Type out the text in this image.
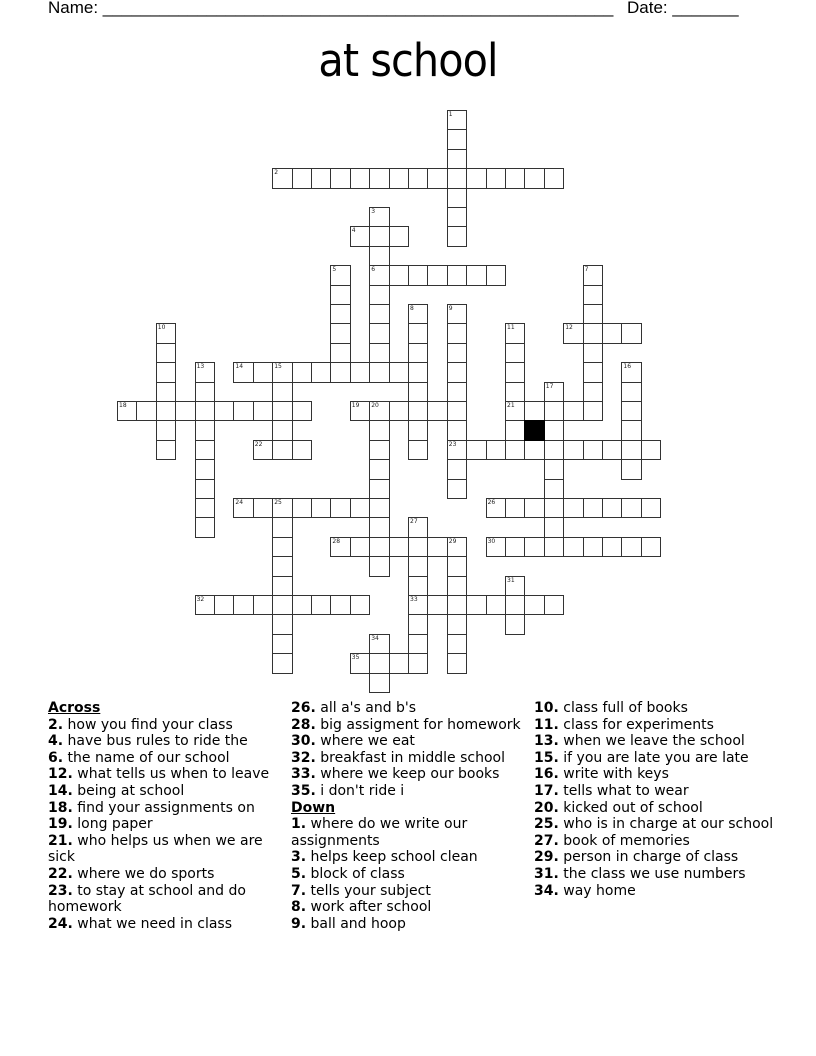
Name: ______________________________________________________ Date: _______
at school
1
2
3
6
4
5	7
8	9
23
10	11
21
12
13	14	15	16
17
18	19 20
22
24	25	26
27
33
28	29	30
31
32
34
35
Across
2. how you find your class
4. have bus rules to ride the
6. the name of our school
12. what tells us when to leave
14. being at school
18. find your assignments on
19. long paper
21. who helps us when we are sick
22. where we do sports
23. to stay at school and do homework
24. what we need in class
26. all a's and b's
28. big assigment for homework
30. where we eat
32. breakfast in middle school
33. where we keep our books
35. i don't ride i
Down
1. where do we write our assignments
3. helps keep school clean
5. block of class
7. tells your subject
8. work after school
9. ball and hoop
10. class full of books
11. class for experiments
13. when we leave the school
15. if you are late you are late
16. write with keys
17. tells what to wear
20. kicked out of school
25. who is in charge at our school
27. book of memories
29. person in charge of class
31. the class we use numbers
34. way home
